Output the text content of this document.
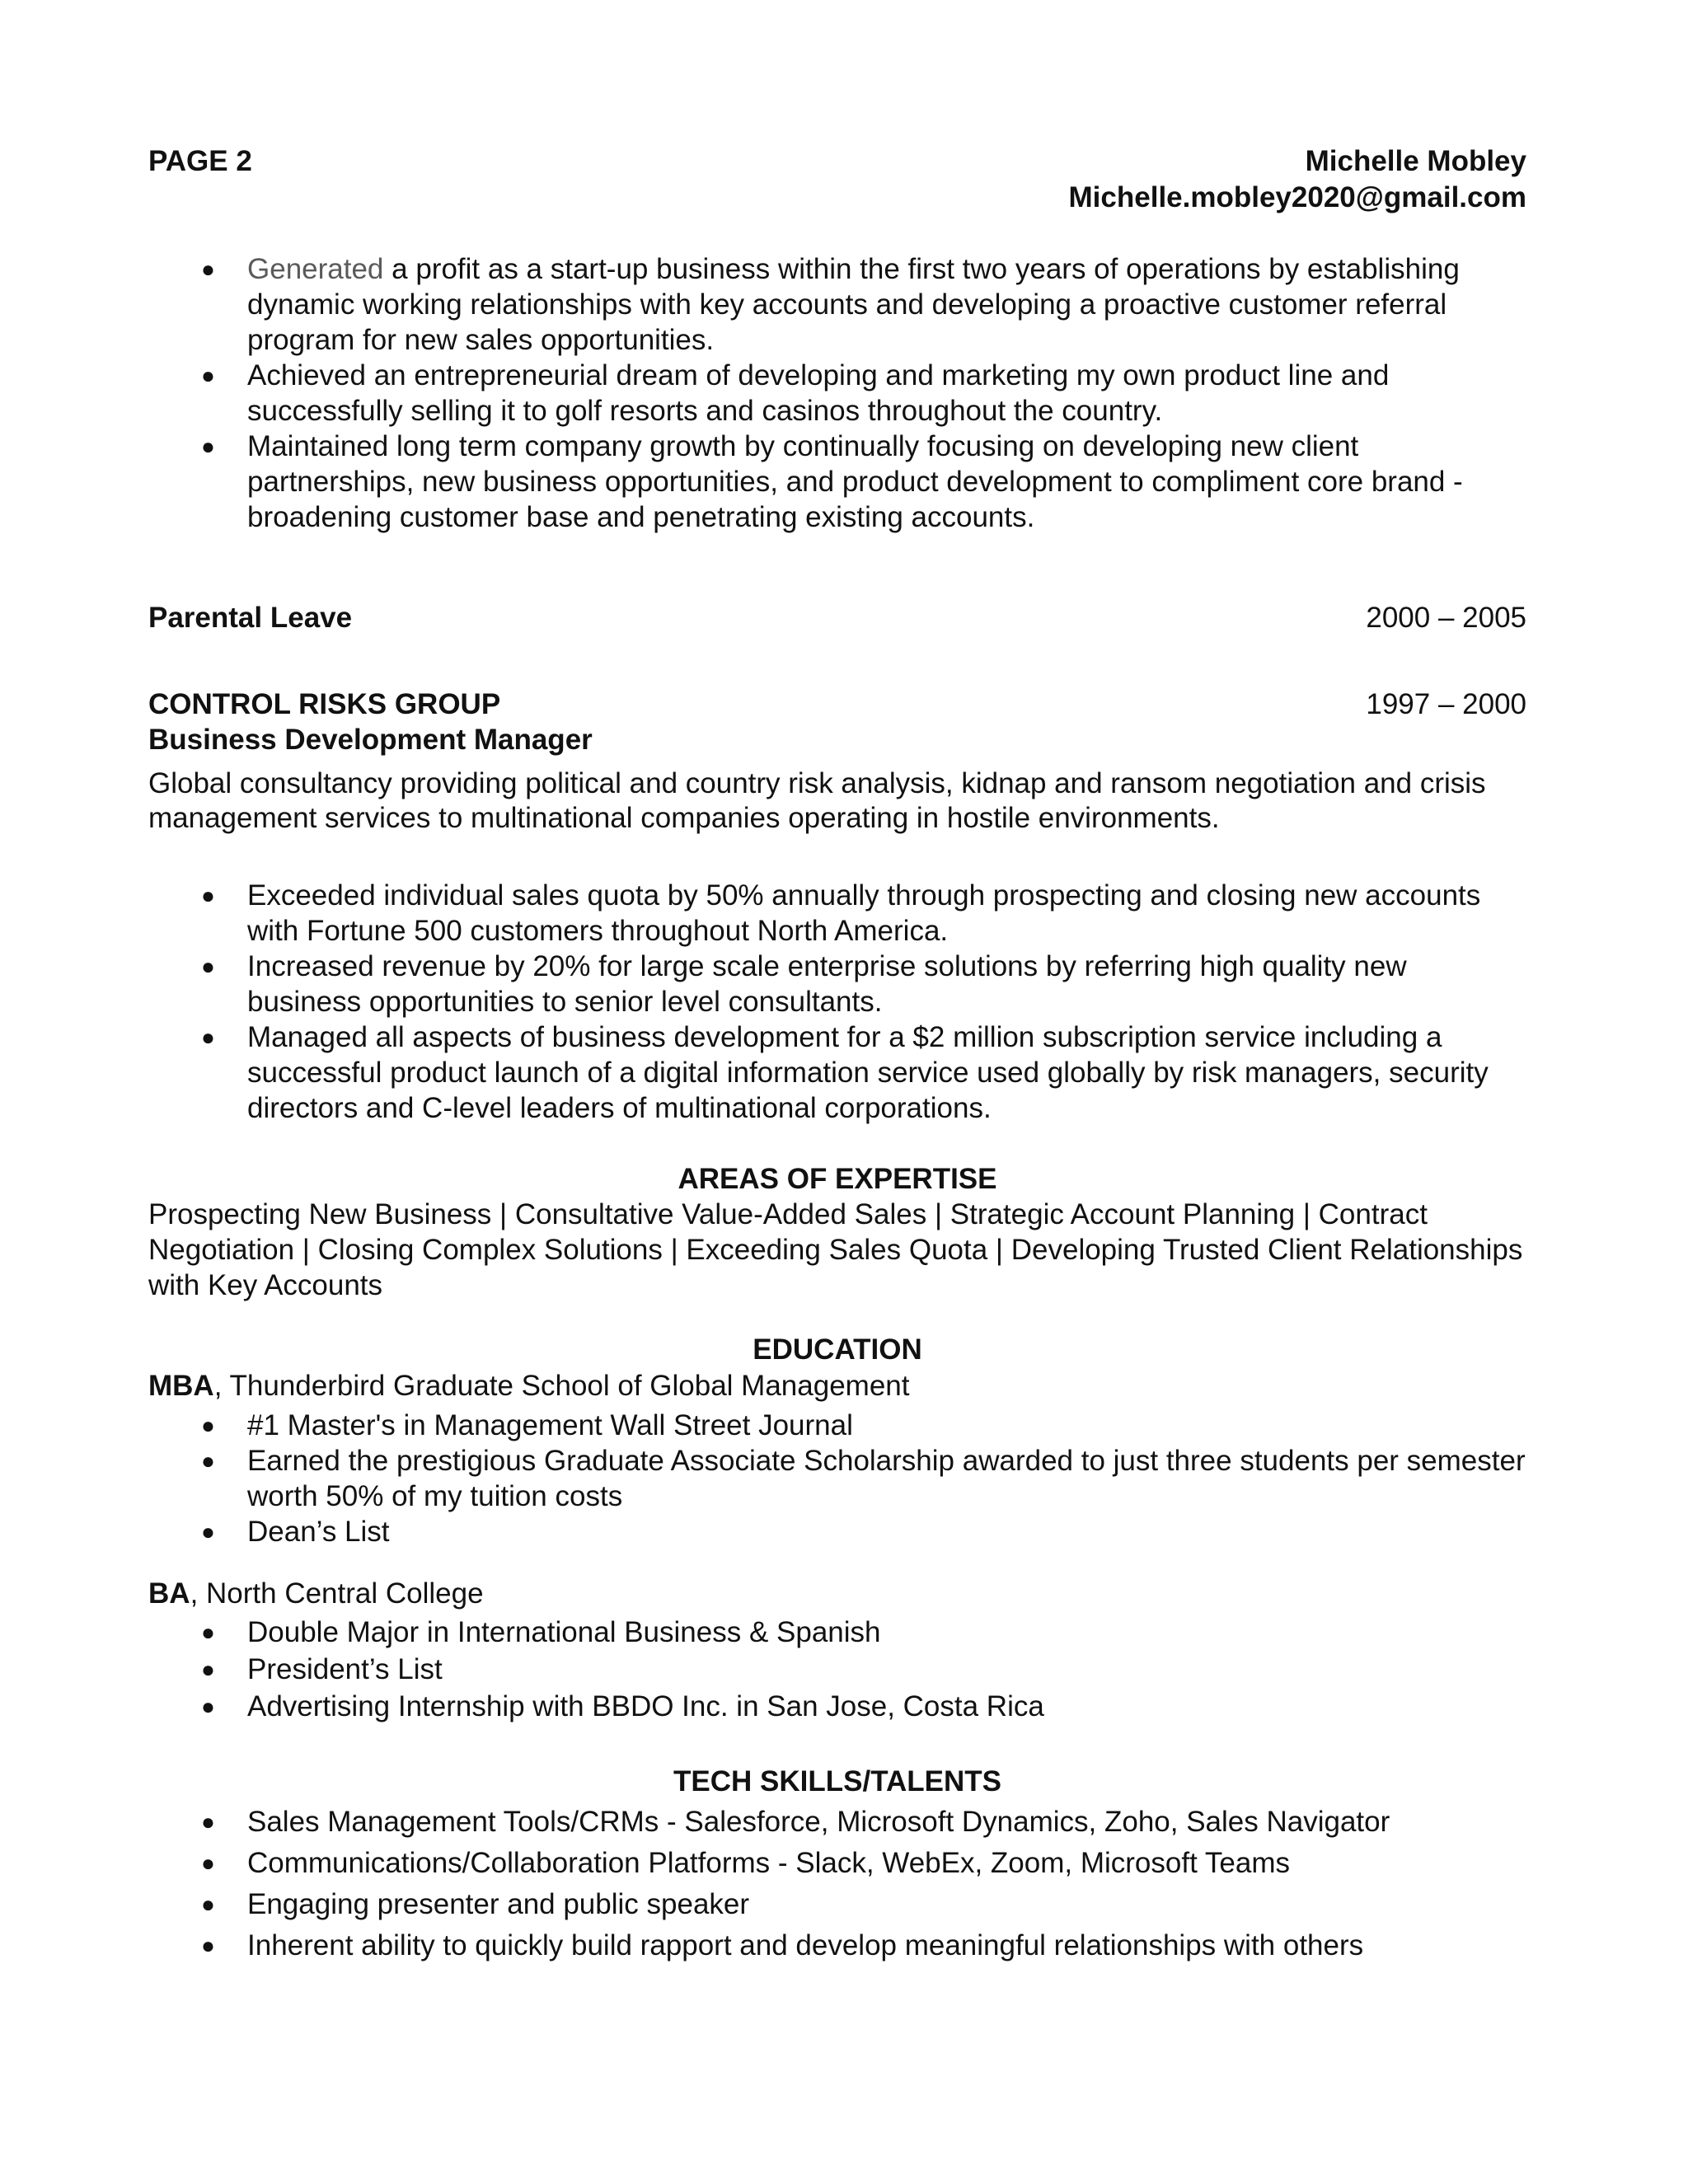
PAGE 2	Michelle Mobley
Michelle.mobley2020@gmail.com
● Generated a profit as a start-up business within the first two years of operations by establishing dynamic working relationships with key accounts and developing a proactive customer referral program for new sales opportunities.
● Achieved an entrepreneurial dream of developing and marketing my own product line and successfully selling it to golf resorts and casinos throughout the country.
● Maintained long term company growth by continually focusing on developing new client partnerships, new business opportunities, and product development to compliment core brand - broadening customer base and penetrating existing accounts.
Parental Leave	2000 – 2005
CONTROL RISKS GROUP	1997 – 2000
Business Development Manager
Global consultancy providing political and country risk analysis, kidnap and ransom negotiation and crisis management services to multinational companies operating in hostile environments.
● Exceeded individual sales quota by 50% annually through prospecting and closing new accounts with Fortune 500 customers throughout North America.
● Increased revenue by 20% for large scale enterprise solutions by referring high quality new business opportunities to senior level consultants.
● Managed all aspects of business development for a $2 million subscription service including a successful product launch of a digital information service used globally by risk managers, security directors and C-level leaders of multinational corporations.
AREAS OF EXPERTISE
Prospecting New Business | Consultative Value-Added Sales | Strategic Account Planning | Contract Negotiation | Closing Complex Solutions | Exceeding Sales Quota | Developing Trusted Client Relationships with Key Accounts
EDUCATION
MBA, Thunderbird Graduate School of Global Management
● #1 Master's in Management Wall Street Journal
● Earned the prestigious Graduate Associate Scholarship awarded to just three students per semester worth 50% of my tuition costs
● Dean’s List
BA, North Central College
● Double Major in International Business & Spanish
● President’s List
● Advertising Internship with BBDO Inc. in San Jose, Costa Rica
TECH SKILLS/TALENTS
● Sales Management Tools/CRMs - Salesforce, Microsoft Dynamics, Zoho, Sales Navigator
● Communications/Collaboration Platforms - Slack, WebEx, Zoom, Microsoft Teams
● Engaging presenter and public speaker
● Inherent ability to quickly build rapport and develop meaningful relationships with others
